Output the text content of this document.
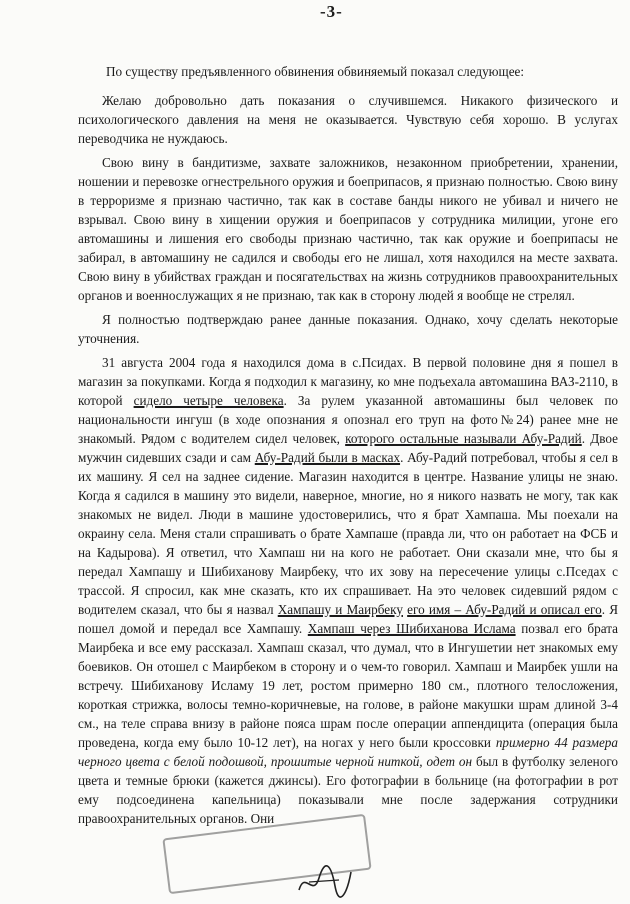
-3-

По существу предъявленного обвинения обвиняемый показал следующее:

Желаю добровольно дать показания о случившемся. Никакого физического и психологического давления на меня не оказывается. Чувствую себя хорошо. В услугах переводчика не нуждаюсь.

Свою вину в бандитизме, захвате заложников, незаконном приобретении, хранении, ношении и перевозке огнестрельного оружия и боеприпасов, я признаю полностью. Свою вину в терроризме я признаю частично, так как в составе банды никого не убивал и ничего не взрывал. Свою вину в хищении оружия и боеприпасов у сотрудника милиции, угоне его автомашины и лишения его свободы признаю частично, так как оружие и боеприпасы не забирал, в автомашину не садился и свободы его не лишал, хотя находился на месте захвата. Свою вину в убийствах граждан и посягательствах на жизнь сотрудников правоохранительных органов и военнослужащих я не признаю, так как в сторону людей я вообще не стрелял.

Я полностью подтверждаю ранее данные показания. Однако, хочу сделать некоторые уточнения.

31 августа 2004 года я находился дома в с.Псидах. В первой половине дня я пошел в магазин за покупками. Когда я подходил к магазину, ко мне подъехала автомашина ВАЗ-2110, в которой сидело четыре человека. За рулем указанной автомашины был человек по национальности ингуш (в ходе опознания я опознал его труп на фото№24) ранее мне не знакомый. Рядом с водителем сидел человек, которого остальные называли Абу-Радий. Двое мужчин сидевших сзади и сам Абу-Радий были в масках. Абу-Радий потребовал, чтобы я сел в их машину. Я сел на заднее сидение. Магазин находится в центре. Название улицы не знаю. Когда я садился в машину это видели, наверное, многие, но я никого назвать не могу, так как знакомых не видел. Люди в машине удостоверились, что я брат Хампаша. Мы поехали на окраину села. Меня стали спрашивать о брате Хампаше (правда ли, что он работает на ФСБ и на Кадырова). Я ответил, что Хампаш ни на кого не работает. Они сказали мне, что бы я передал Хампашу и Шибиханову Маирбеку, что их зову на пересечение улицы с.Пседах с трассой. Я спросил, как мне сказать, кто их спрашивает. На это человек сидевший рядом с водителем сказал, что бы я назвал Хампашу и Маирбеку его имя – Абу-Радий и описал его. Я пошел домой и передал все Хампашу. Хампаш через Шибиханова Ислама позвал его брата Маирбека и все ему рассказал. Хампаш сказал, что думал, что в Ингушетии нет знакомых ему боевиков. Он отошел с Маирбеком в сторону и о чем-то говорил. Хампаш и Маирбек ушли на встречу. Шибиханову Исламу 19 лет, ростом примерно 180 см., плотного телосложения, короткая стрижка, волосы темно-коричневые, на голове, в районе макушки шрам длиной 3-4 см., на теле справа внизу в районе пояса шрам после операции аппендицита (операция была проведена, когда ему было 10-12 лет), на ногах у него были кроссовки примерно 44 размера черного цвета с белой подошвой, прошитые черной ниткой, одет он был в футболку зеленого цвета и темные брюки (кажется джинсы). Его фотографии в больнице (на фотографии в рот ему подсоединена капельница) показывали мне после задержания сотрудники правоохранительных органов. Они
